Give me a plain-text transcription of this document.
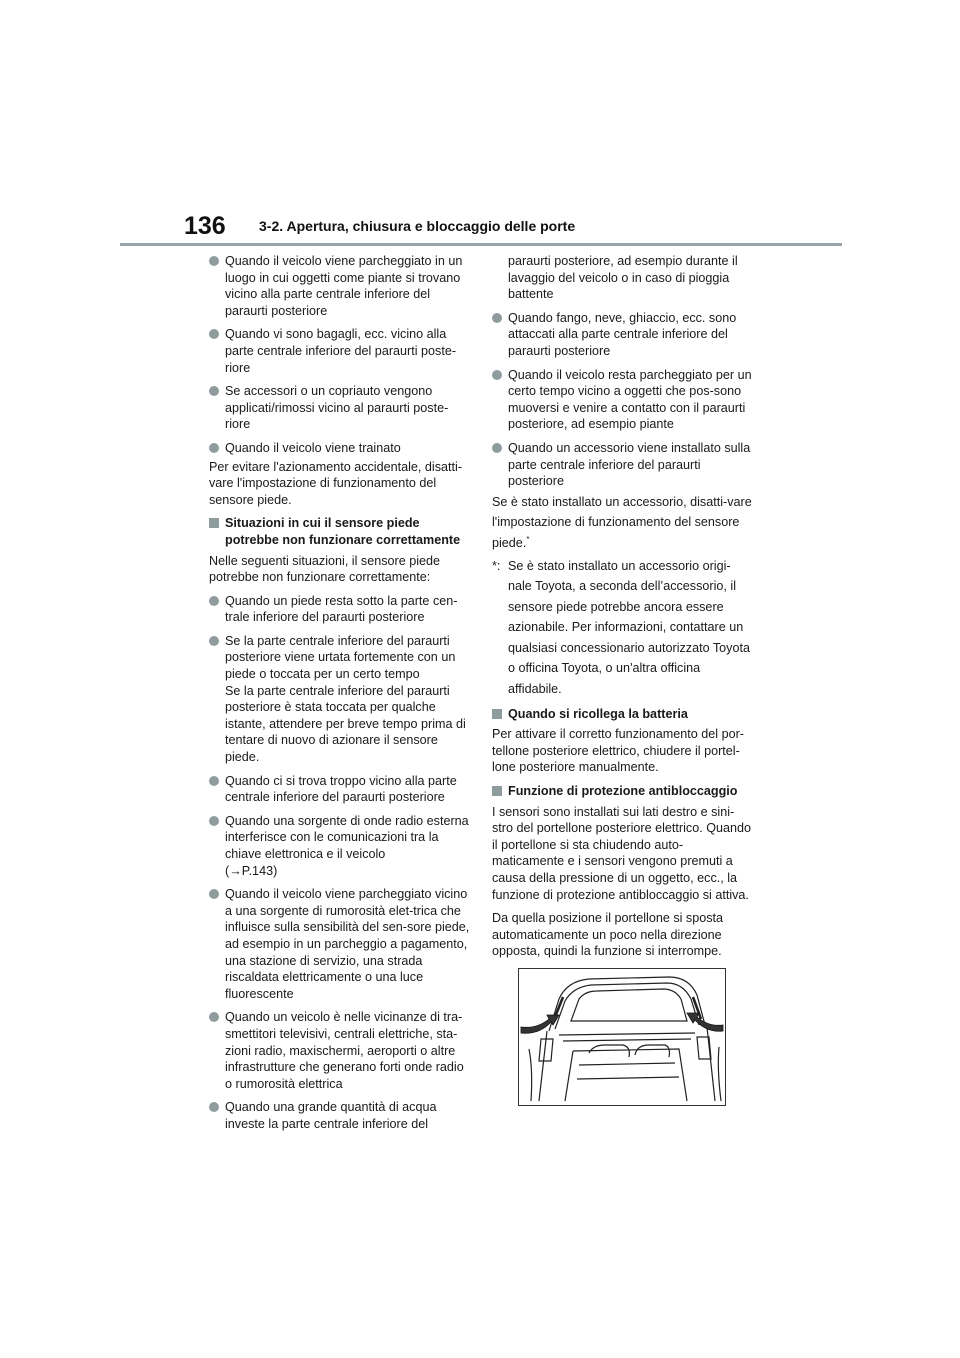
136 3-2. Apertura, chiusura e bloccaggio delle porte
Quando il veicolo viene parcheggiato in un luogo in cui oggetti come piante si trovano vicino alla parte centrale inferiore del paraurti posteriore
Quando vi sono bagagli, ecc. vicino alla parte centrale inferiore del paraurti poste-riore
Se accessori o un copriauto vengono applicati/rimossi vicino al paraurti poste-riore
Quando il veicolo viene trainato

Per evitare l'azionamento accidentale, disatti-vare l'impostazione di funzionamento del sensore piede.

Situazioni in cui il sensore piede potrebbe non funzionare correttamente

Nelle seguenti situazioni, il sensore piede potrebbe non funzionare correttamente:

Quando un piede resta sotto la parte cen-trale inferiore del paraurti posteriore
Se la parte centrale inferiore del paraurti posteriore viene urtata fortemente con un piede o toccata per un certo tempo
Se la parte centrale inferiore del paraurti posteriore è stata toccata per qualche istante, attendere per breve tempo prima di tentare di nuovo di azionare il sensore piede.
Quando ci si trova troppo vicino alla parte centrale inferiore del paraurti posteriore
Quando una sorgente di onde radio esterna interferisce con le comunicazioni tra la chiave elettronica e il veicolo
(→P.143)
Quando il veicolo viene parcheggiato vicino a una sorgente di rumorosità elet-trica che influisce sulla sensibilità del sen-sore piede, ad esempio in un parcheggio a pagamento, una stazione di servizio, una strada riscaldata elettricamente o una luce fluorescente
Quando un veicolo è nelle vicinanze di tra-smettitori televisivi, centrali elettriche, sta-zioni radio, maxischermi, aeroporti o altre infrastrutture che generano forti onde radio o rumorosità elettrica
Quando una grande quantità di acqua investe la parte centrale inferiore del

paraurti posteriore, ad esempio durante il lavaggio del veicolo o in caso di pioggia battente

Quando fango, neve, ghiaccio, ecc. sono attaccati alla parte centrale inferiore del paraurti posteriore
Quando il veicolo resta parcheggiato per un certo tempo vicino a oggetti che pos-sono muoversi e venire a contatto con il paraurti posteriore, ad esempio piante
Quando un accessorio viene installato sulla parte centrale inferiore del paraurti posteriore

Se è stato installato un accessorio, disatti-vare l'impostazione di funzionamento del sensore piede.*

*: Se è stato installato un accessorio origi-nale Toyota, a seconda dell’accessorio, il sensore piede potrebbe ancora essere azionabile. Per informazioni, contattare un qualsiasi concessionario autorizzato Toyota o officina Toyota, o un'altra officina affidabile.
Quando si ricollega la batteria

Per attivare il corretto funzionamento del por-tellone posteriore elettrico, chiudere il portel-lone posteriore manualmente.

Funzione di protezione antibloccaggio

I sensori sono installati sui lati destro e sini-stro del portellone posteriore elettrico. Quando il portellone si sta chiudendo auto-maticamente e i sensori vengono premuti a causa della pressione di un oggetto, ecc., la funzione di protezione antibloccaggio si attiva.

Da quella posizione il portellone si sposta automaticamente un poco nella direzione opposta, quindi la funzione si interrompe.
